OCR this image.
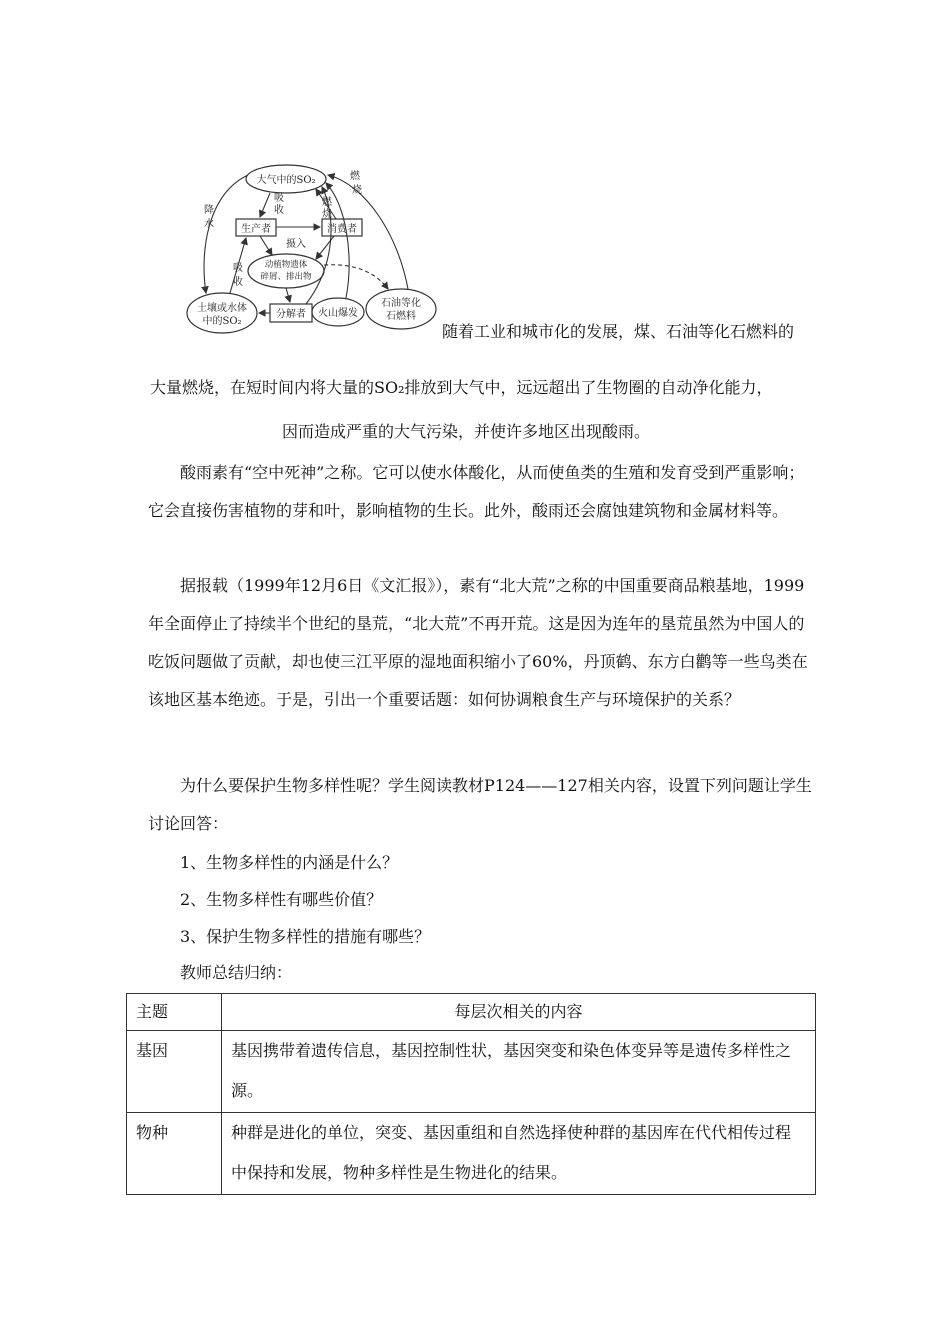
大气中的SO₂
生产者	消费者
动植物遗体
碎屑、排出物
土壤或水体
中的SO₂
分解者 火山爆发
石油等化
石燃料
降
水
吸
收
吸
收
燃
烧
燃
烧
摄入
随着工业和城市化的发展，煤、石油等化石燃料的
大量燃烧，在短时间内将大量的SO₂排放到大气中，远远超出了生物圈的自动净化能力，
因而造成严重的大气污染，并使许多地区出现酸雨。
酸雨素有“空中死神”之称。它可以使水体酸化，从而使鱼类的生殖和发育受到严重影响；它会直接伤害植物的芽和叶，影响植物的生长。此外，酸雨还会腐蚀建筑物和金属材料等。
据报载（1999年12月6日《文汇报》），素有“北大荒”之称的中国重要商品粮基地，1999年全面停止了持续半个世纪的垦荒，“北大荒”不再开荒。这是因为连年的垦荒虽然为中国人的吃饭问题做了贡献，却也使三江平原的湿地面积缩小了60%，丹顶鹤、东方白鹳等一些鸟类在该地区基本绝迹。于是，引出一个重要话题：如何协调粮食生产与环境保护的关系？
为什么要保护生物多样性呢？学生阅读教材P124——127相关内容，设置下列问题让学生讨论回答：
1、生物多样性的内涵是什么？
2、生物多样性有哪些价值？
3、保护生物多样性的措施有哪些？
教师总结归纳：
主题	每层次相关的内容
基因	基因携带着遗传信息，基因控制性状，基因突变和染色体变异等是遗传多样性之源。
物种	种群是进化的单位，突变、基因重组和自然选择使种群的基因库在代代相传过程中保持和发展，物种多样性是生物进化的结果。
